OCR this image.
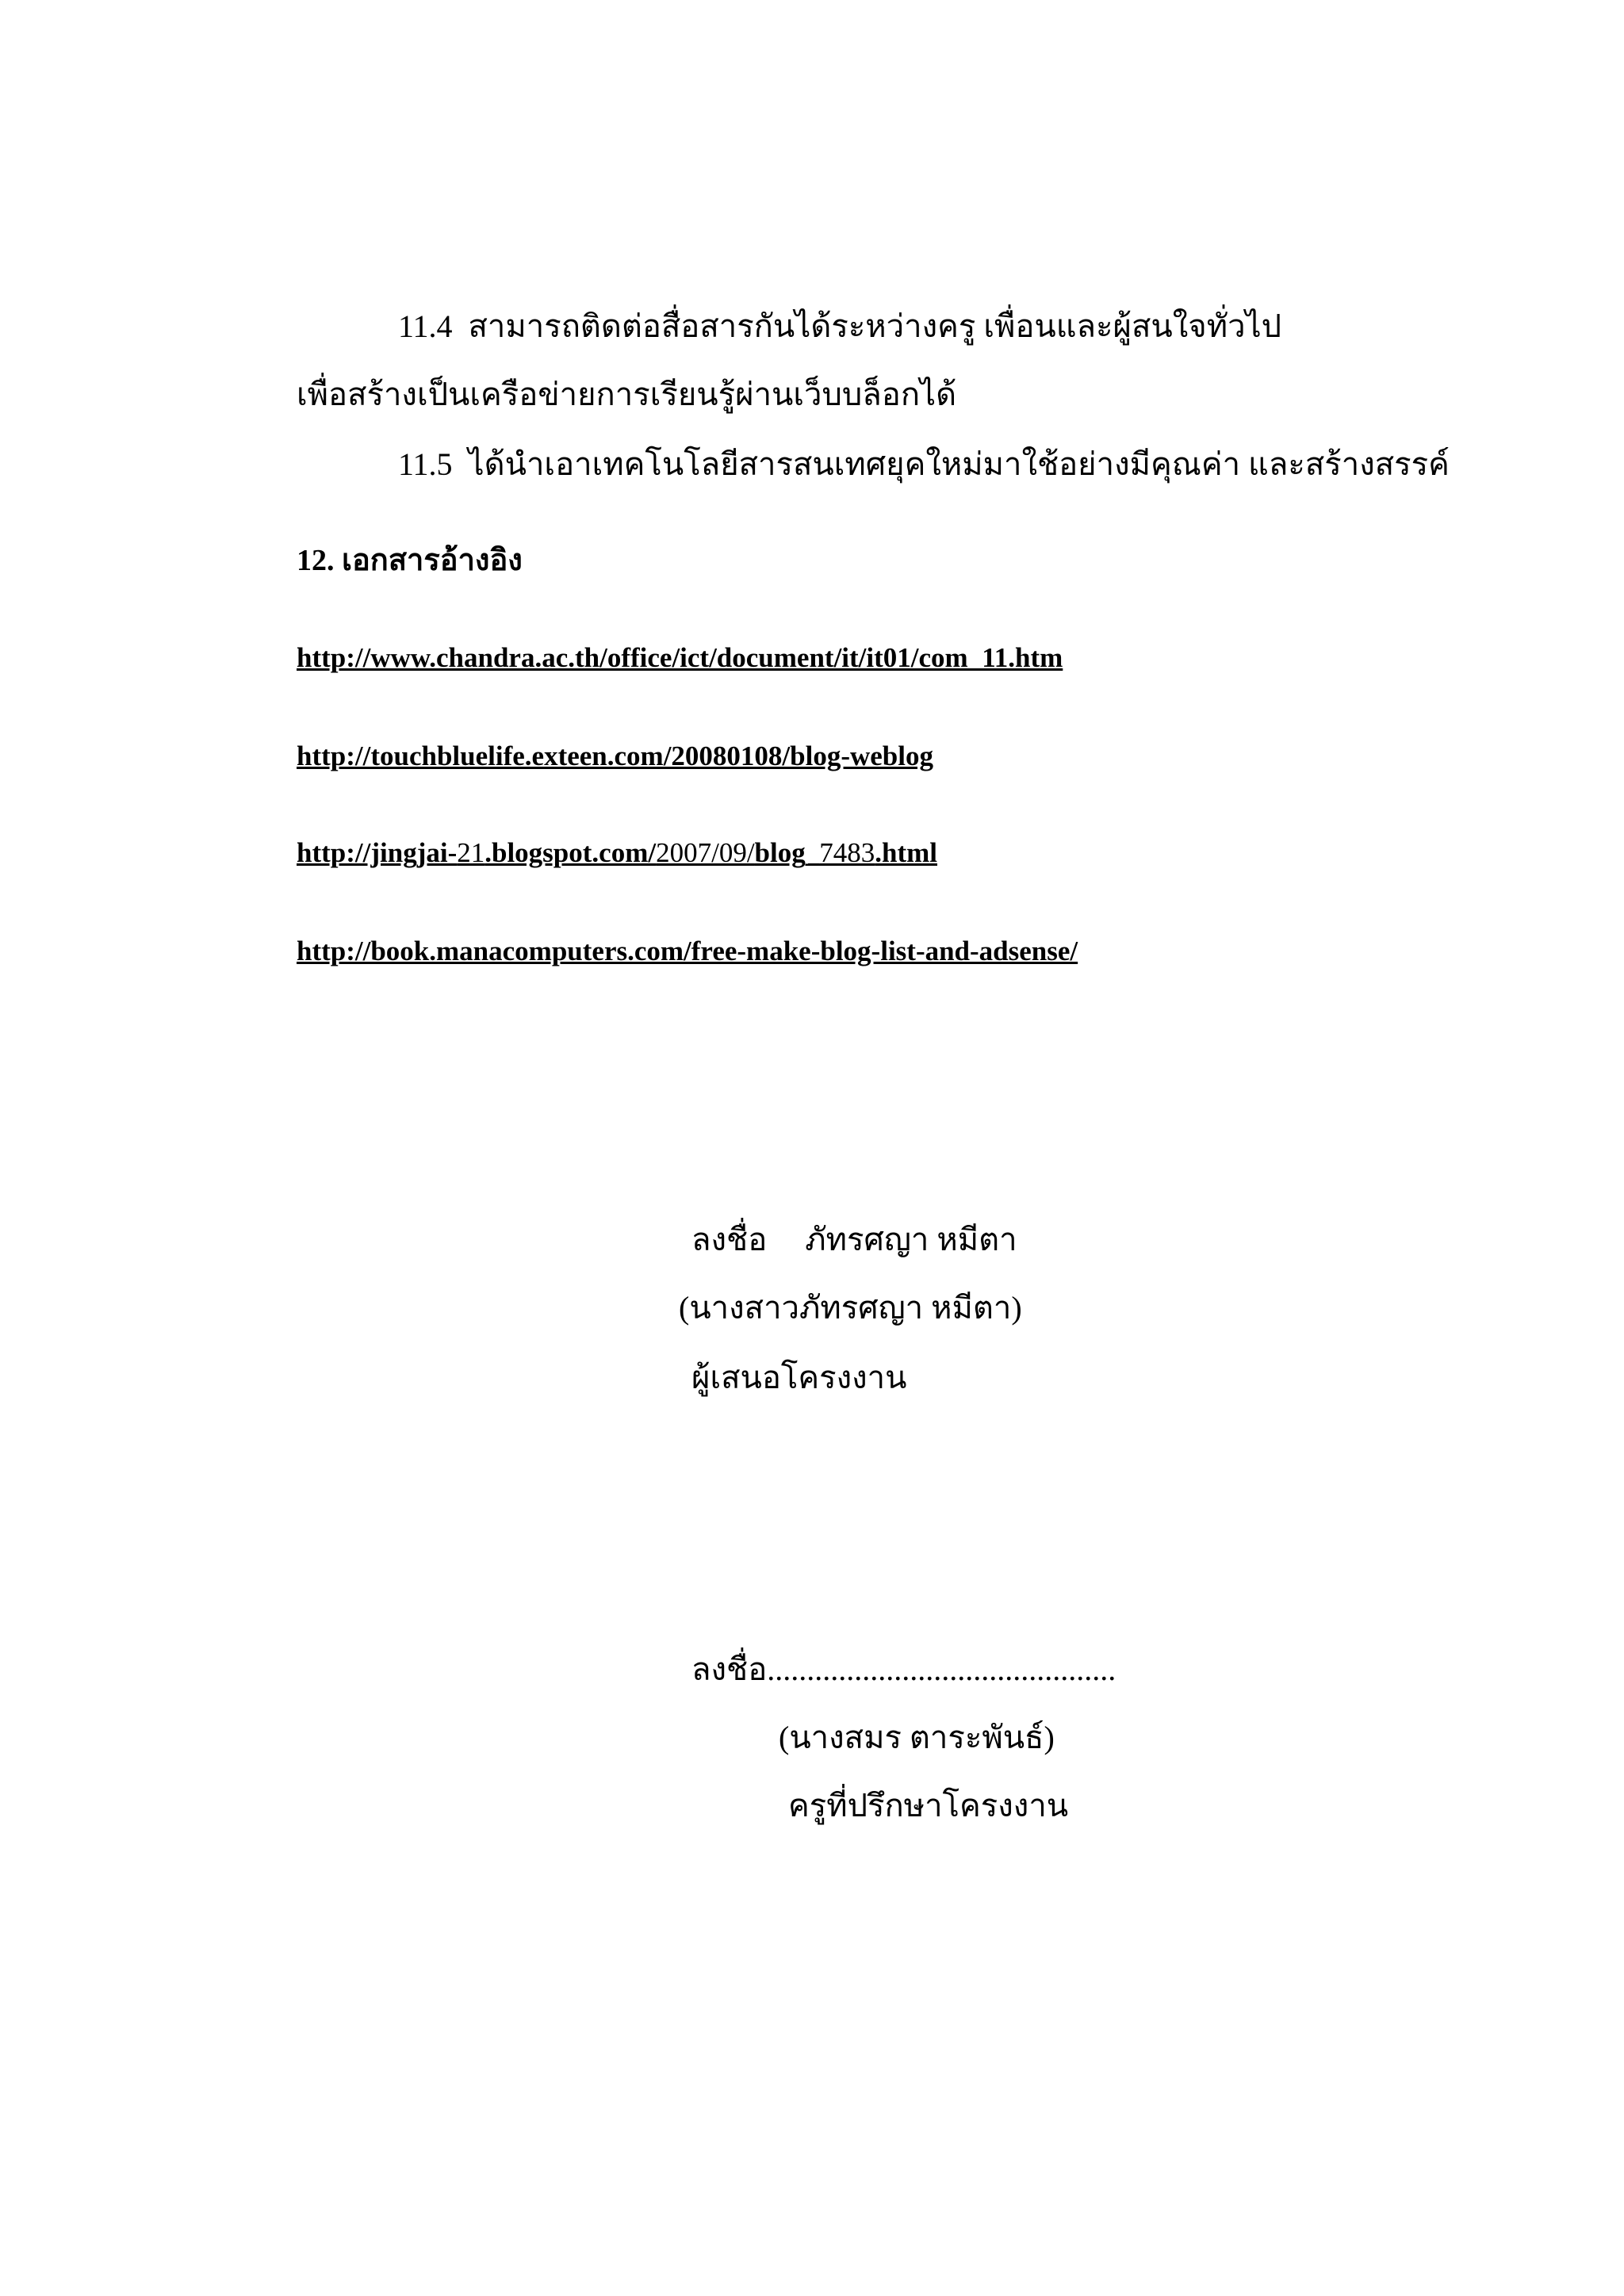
11.4 สามารถติดต่อสื่อสารกันได้ระหว่างครู เพื่อนและผู้สนใจทั่วไป
เพื่อสร้างเป็นเครือข่ายการเรียนรู้ผ่านเว็บบล็อกได้
11.5 ได้นำเอาเทคโนโลยีสารสนเทศยุคใหม่มาใช้อย่างมีคุณค่า และสร้างสรรค์
12. เอกสารอ้างอิง
http://www.chandra.ac.th/office/ict/document/it/it01/com_11.htm
http://touchbluelife.exteen.com/20080108/blog-weblog
http://jingjai-21.blogspot.com/2007/09/blog_7483.html
http://book.manacomputers.com/free-make-blog-list-and-adsense/
ลงชื่อ ภัทรศญา หมีตา
(นางสาวภัทรศญา หมีตา)
ผู้เสนอโครงงาน
ลงชื่อ............................................
(นางสมร ตาระพันธ์)
ครูที่ปรึกษาโครงงาน
